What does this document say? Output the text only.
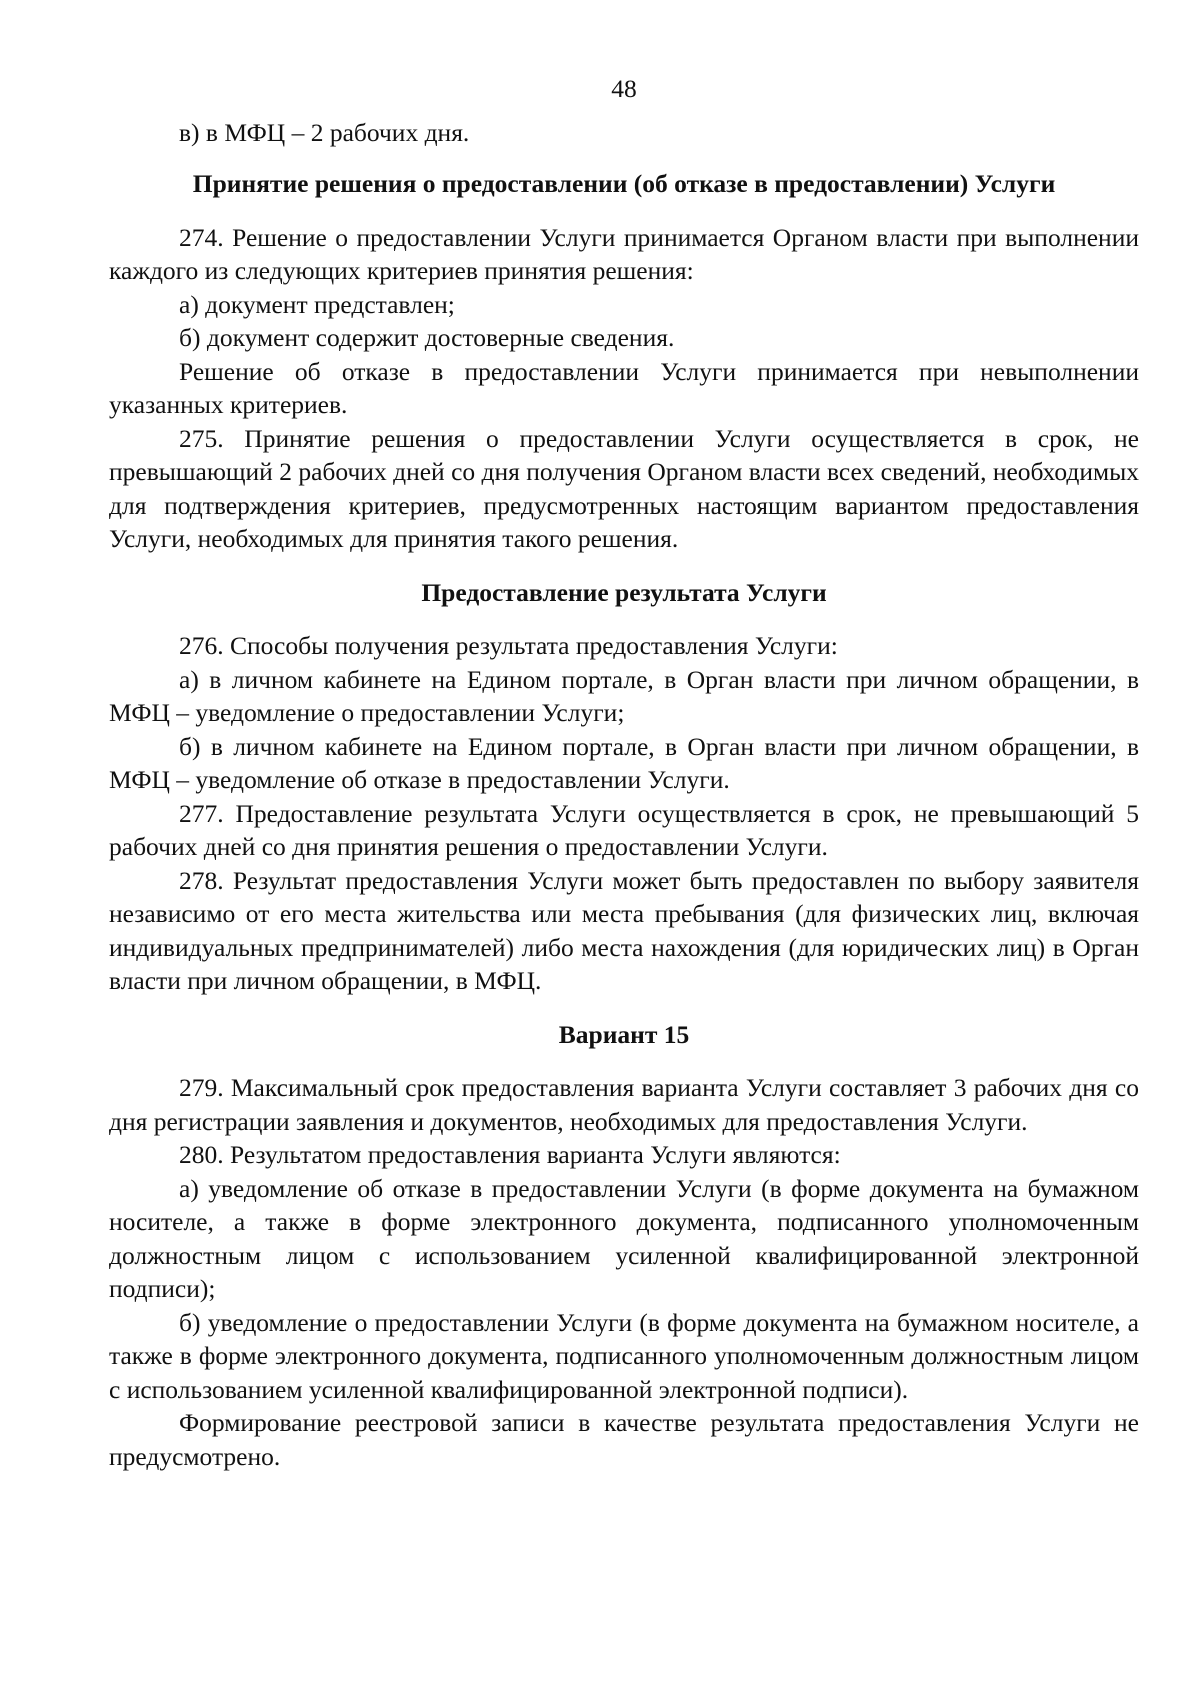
48

в) в МФЦ – 2 рабочих дня.

Принятие решения о предоставлении (об отказе в предоставлении) Услуги

274. Решение о предоставлении Услуги принимается Органом власти при выполнении каждого из следующих критериев принятия решения:

а) документ представлен;

б) документ содержит достоверные сведения.

Решение об отказе в предоставлении Услуги принимается при невыполнении указанных критериев.

275. Принятие решения о предоставлении Услуги осуществляется в срок, не превышающий 2 рабочих дней со дня получения Органом власти всех сведений, необходимых для подтверждения критериев, предусмотренных настоящим вариантом предоставления Услуги, необходимых для принятия такого решения.

Предоставление результата Услуги

276. Способы получения результата предоставления Услуги:

а) в личном кабинете на Едином портале, в Орган власти при личном обращении, в МФЦ – уведомление о предоставлении Услуги;

б) в личном кабинете на Едином портале, в Орган власти при личном обращении, в МФЦ – уведомление об отказе в предоставлении Услуги.

277. Предоставление результата Услуги осуществляется в срок, не превышающий 5 рабочих дней со дня принятия решения о предоставлении Услуги.

278. Результат предоставления Услуги может быть предоставлен по выбору заявителя независимо от его места жительства или места пребывания (для физических лиц, включая индивидуальных предпринимателей) либо места нахождения (для юридических лиц) в Орган власти при личном обращении, в МФЦ.

Вариант 15

279. Максимальный срок предоставления варианта Услуги составляет 3 рабочих дня со дня регистрации заявления и документов, необходимых для предоставления Услуги.

280. Результатом предоставления варианта Услуги являются:

а) уведомление об отказе в предоставлении Услуги (в форме документа на бумажном носителе, а также в форме электронного документа, подписанного уполномоченным должностным лицом с использованием усиленной квалифицированной электронной подписи);

б) уведомление о предоставлении Услуги (в форме документа на бумажном носителе, а также в форме электронного документа, подписанного уполномоченным должностным лицом с использованием усиленной квалифицированной электронной подписи).

Формирование реестровой записи в качестве результата предоставления Услуги не предусмотрено.
